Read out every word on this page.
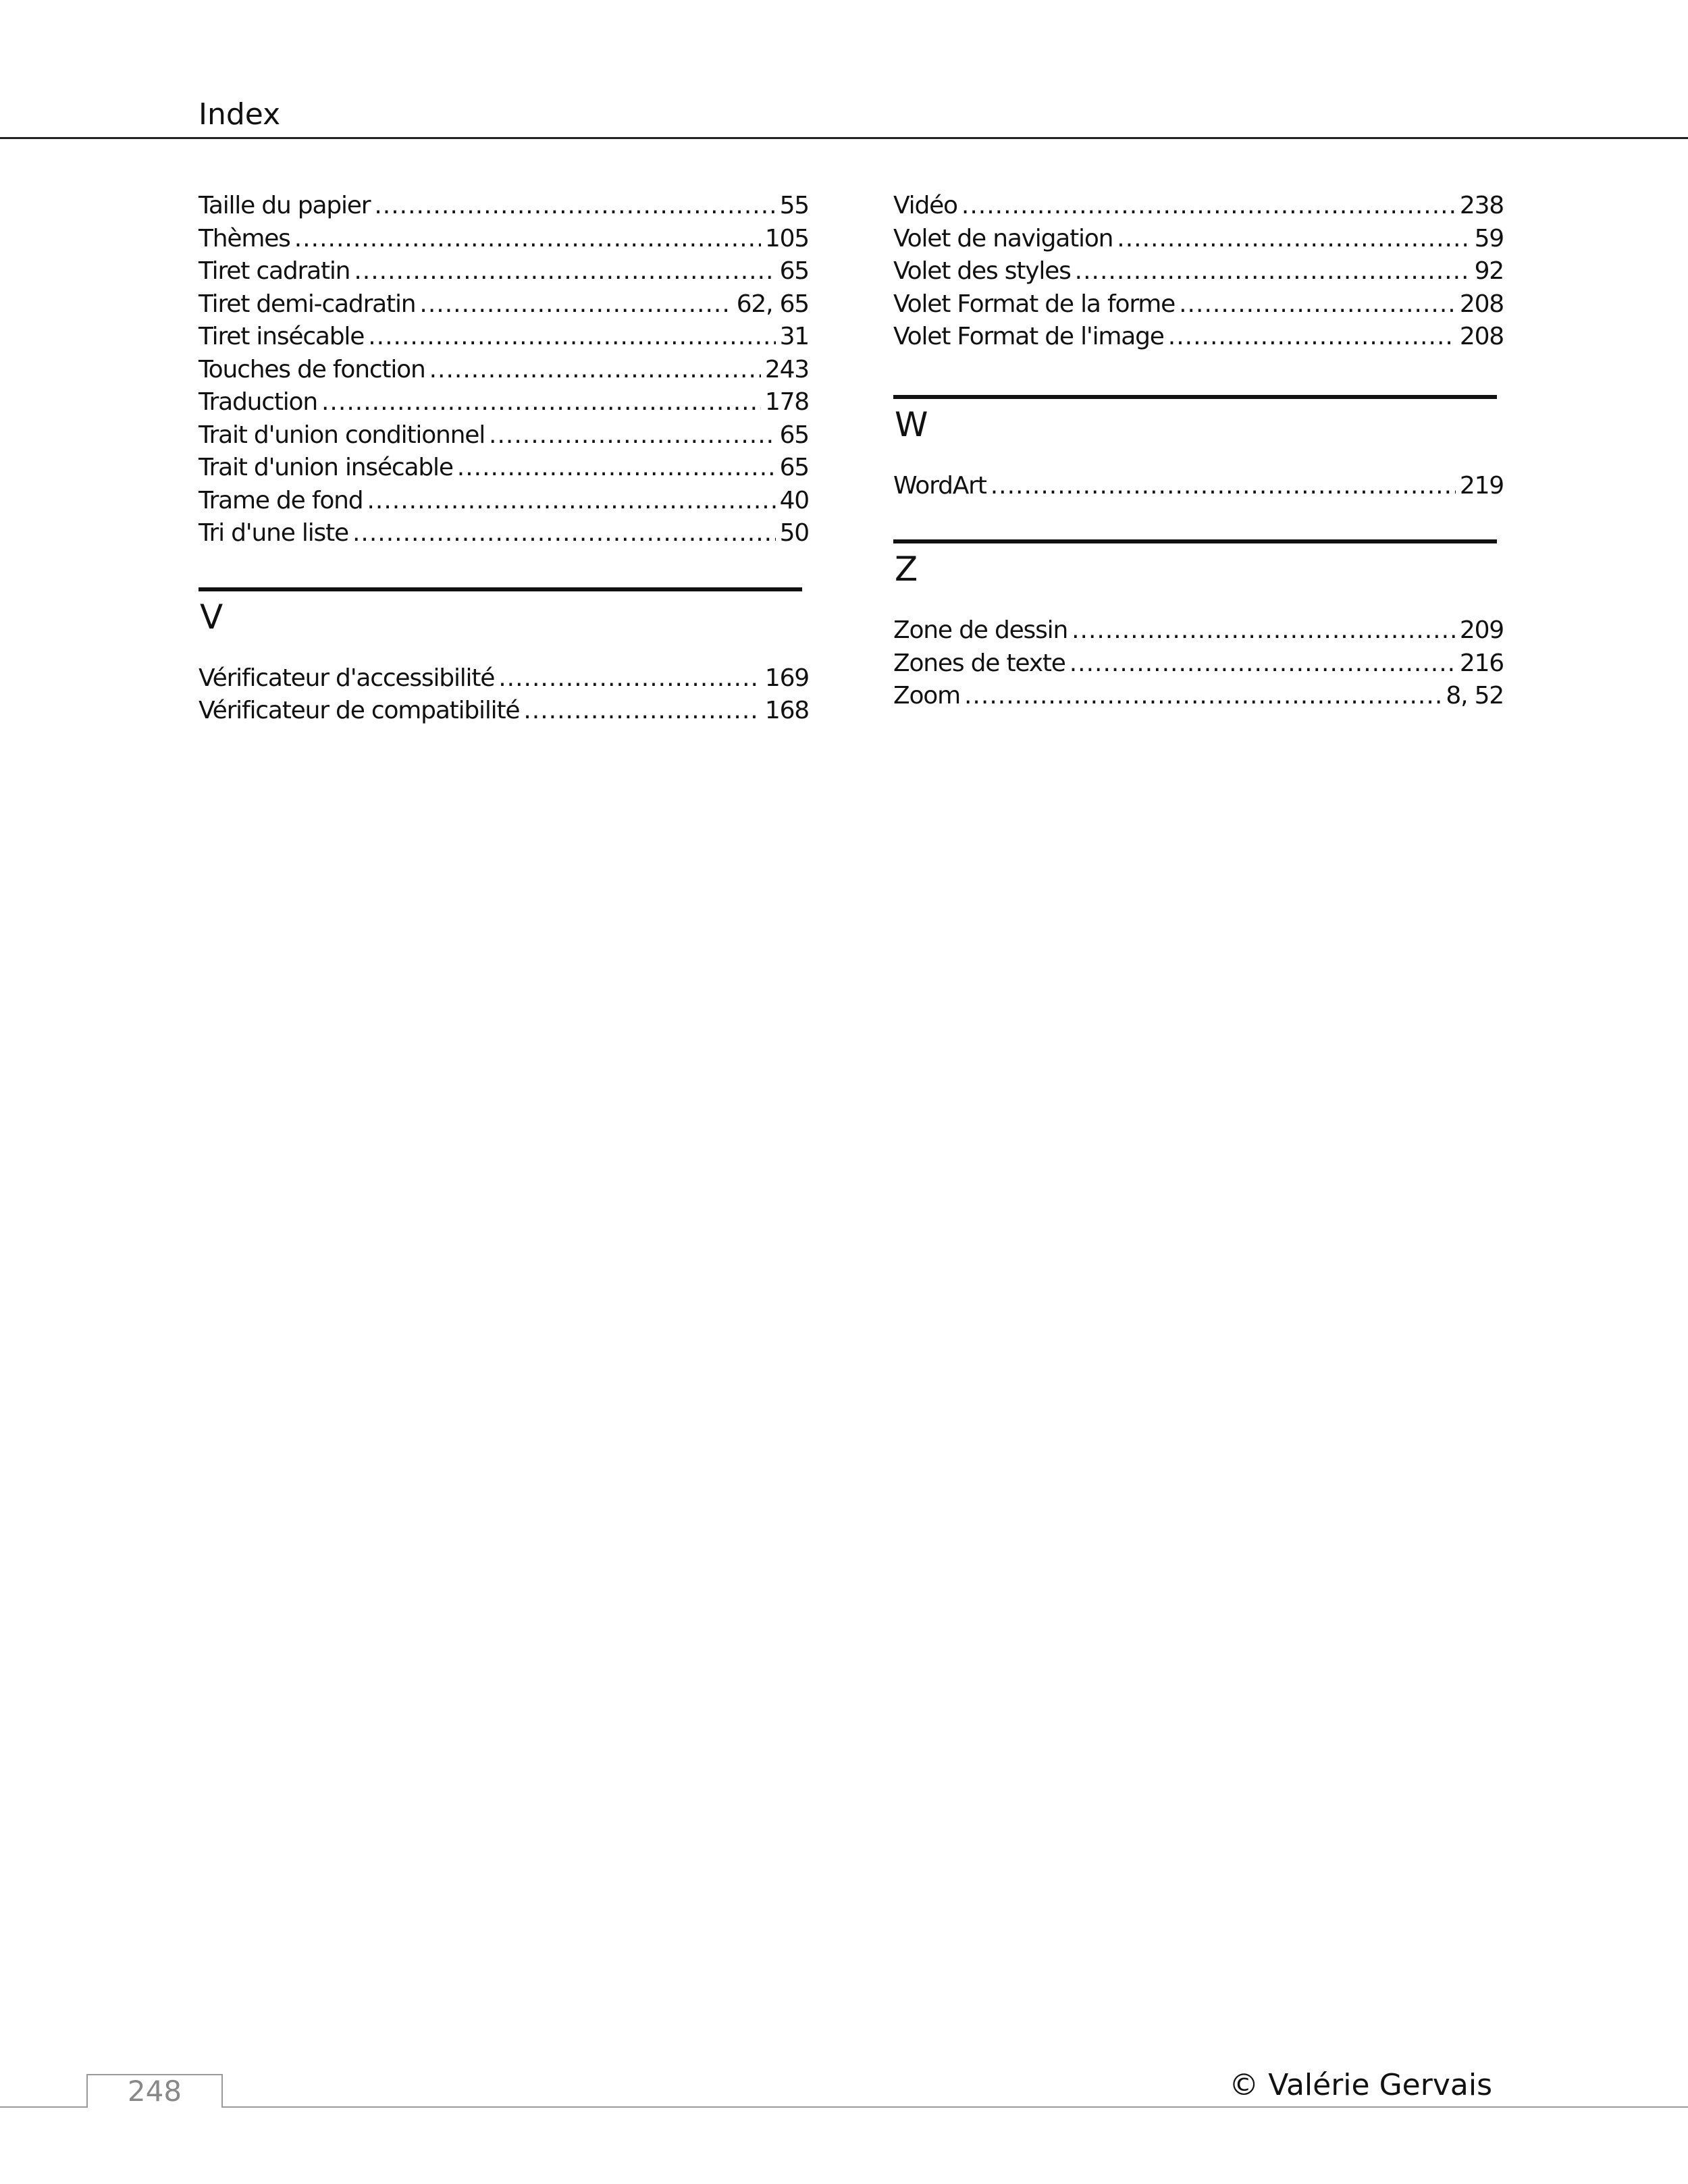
Index
Taille du papier .....	55
Thèmes .....	105
Tiret cadratin .....	65
Tiret demi-cadratin .....	62, 65
Tiret insécable .....	31
Touches de fonction .....	243
Traduction .....	178
Trait d'union conditionnel .....	65
Trait d'union insécable .....	65
Trame de fond .....	40
Tri d'une liste .....	50
V
Vérificateur d'accessibilité .....	169
Vérificateur de compatibilité .....	168
Vidéo .....	238
Volet de navigation .....	59
Volet des styles .....	92
Volet Format de la forme .....	208
Volet Format de l'image .....	208
W
WordArt .....	219
Z
Zone de dessin .....	209
Zones de texte .....	216
Zoom .....	8, 52
248	© Valérie Gervais
